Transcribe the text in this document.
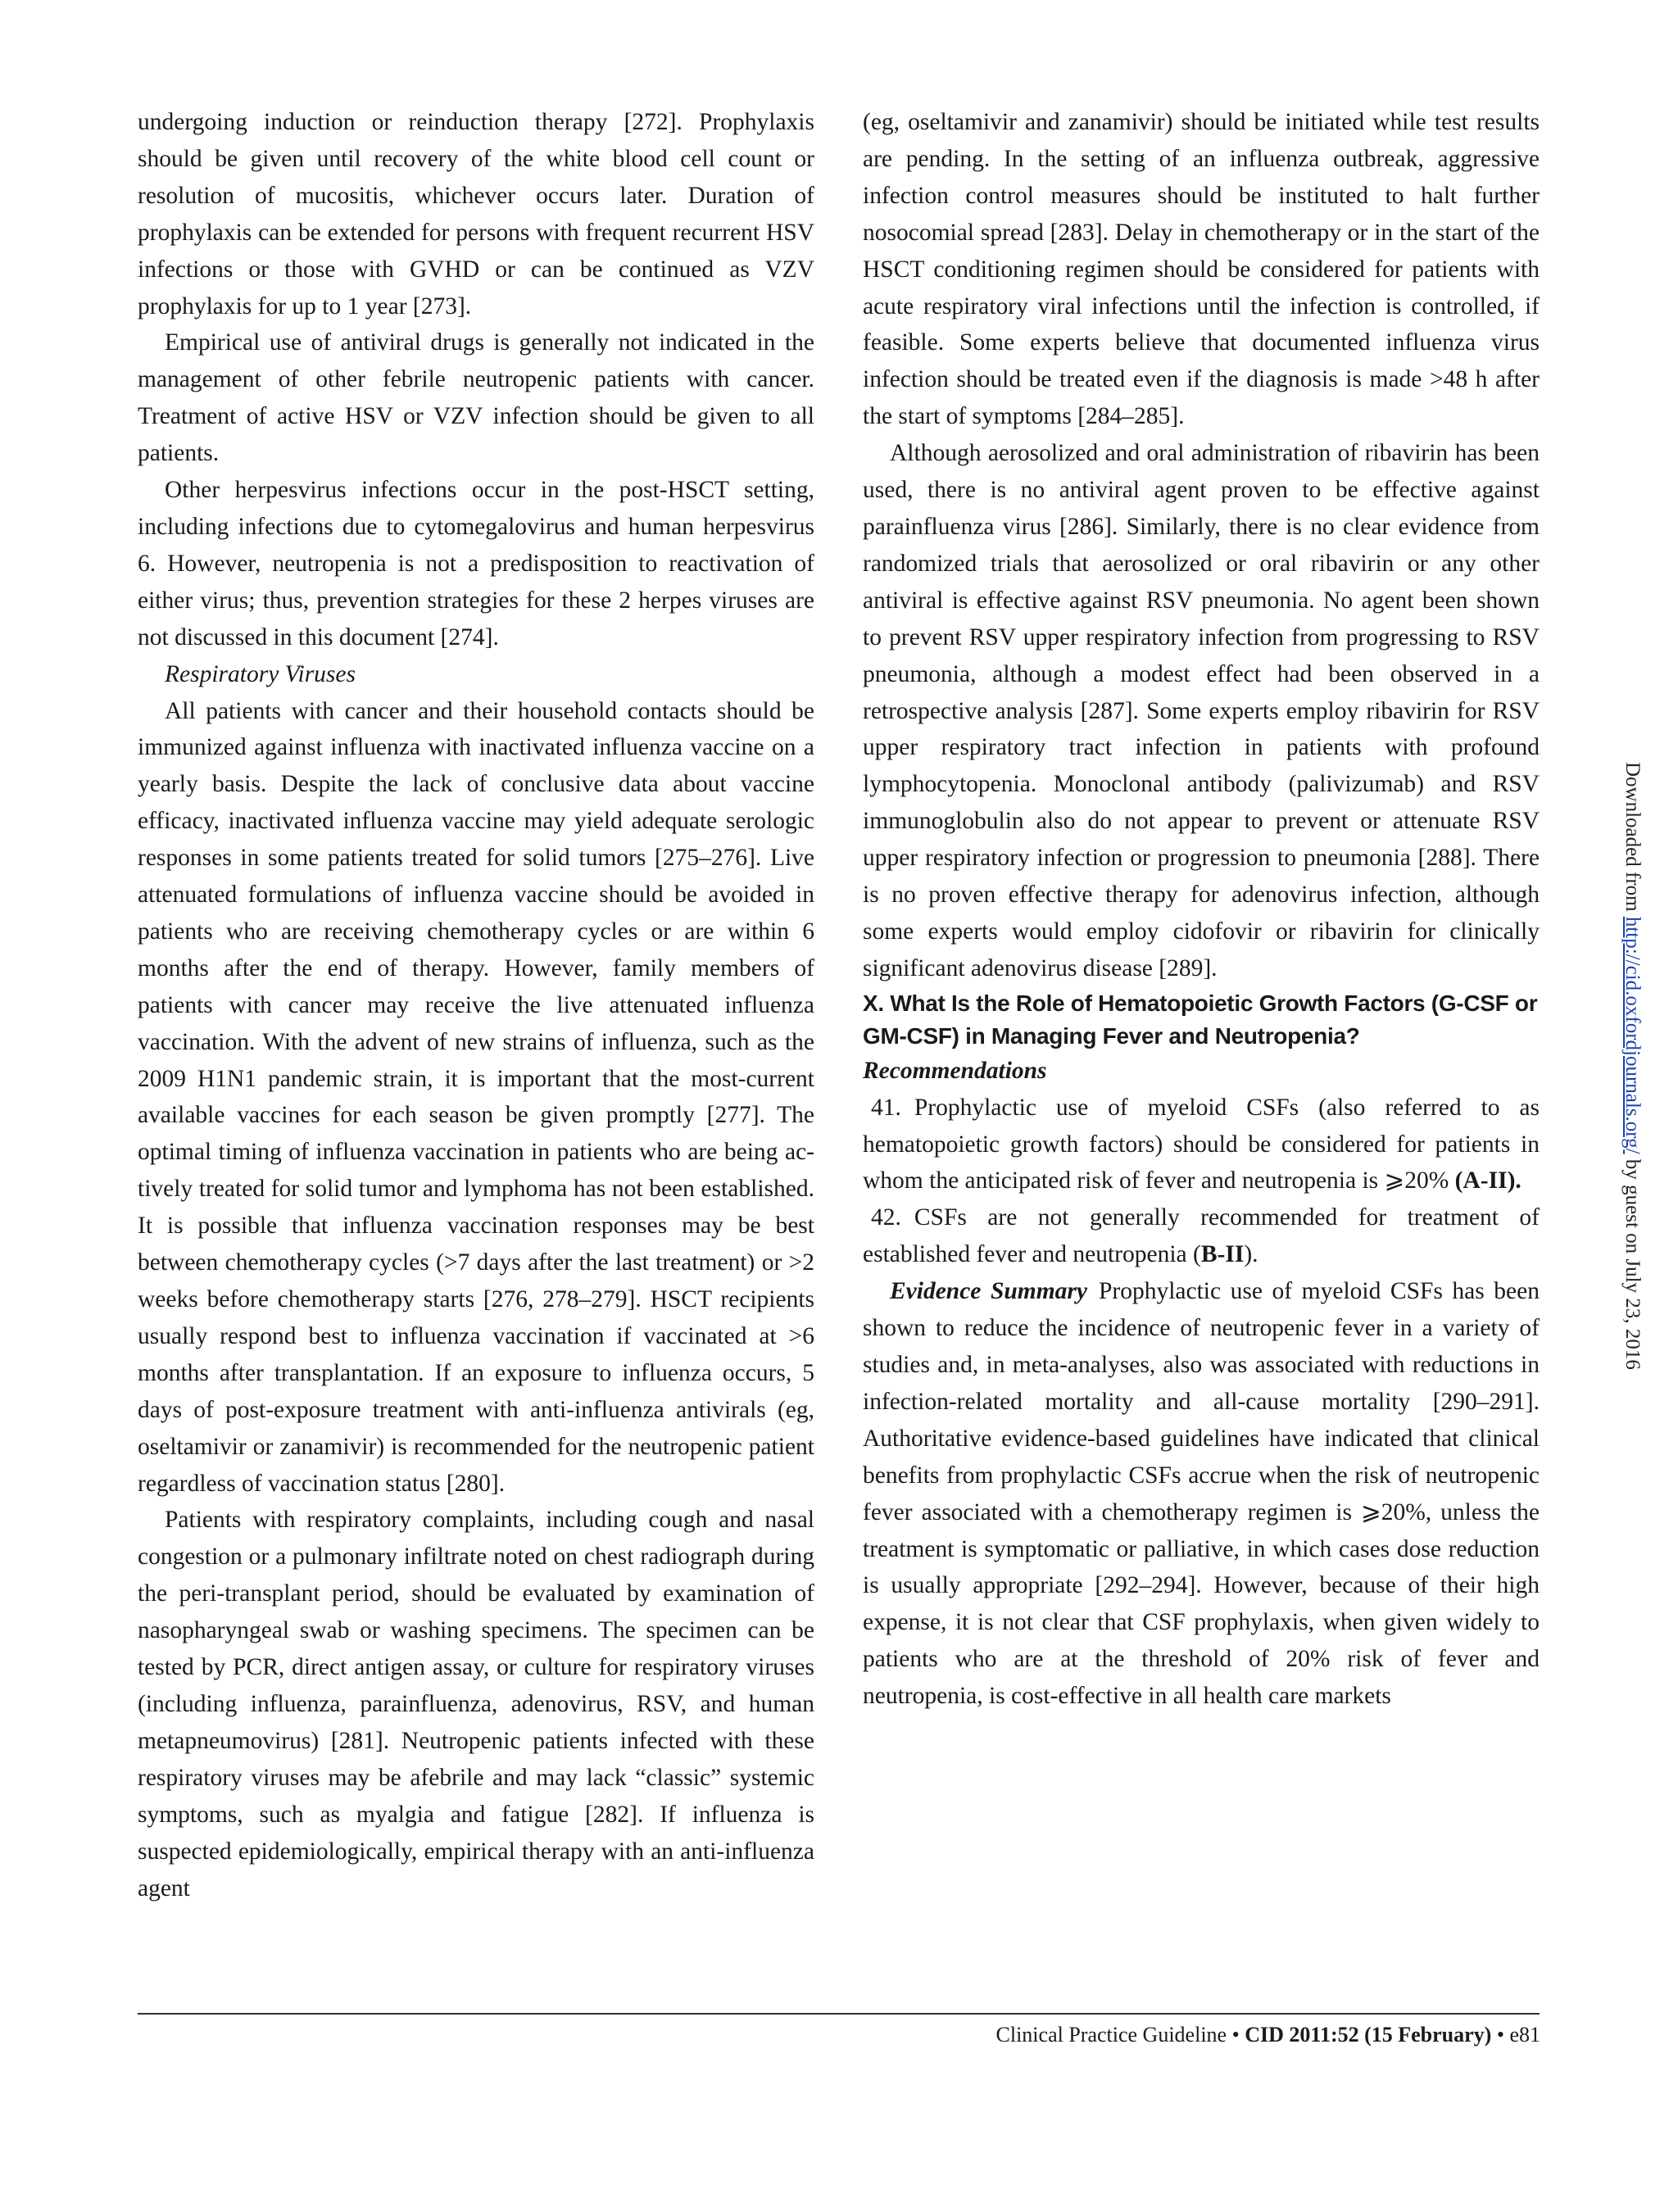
undergoing induction or reinduction therapy [272]. Prophylaxis should be given until recovery of the white blood cell count or resolution of mucositis, whichever occurs later. Duration of prophylaxis can be extended for persons with frequent recurrent HSV infections or those with GVHD or can be continued as VZV prophylaxis for up to 1 year [273].

Empirical use of antiviral drugs is generally not indicated in the management of other febrile neutropenic patients with cancer. Treatment of active HSV or VZV infection should be given to all patients.

Other herpesvirus infections occur in the post-HSCT setting, including infections due to cytomegalovirus and human herpesvirus 6. However, neutropenia is not a predisposition to reactivation of either virus; thus, prevention strategies for these 2 herpes viruses are not discussed in this document [274].

Respiratory Viruses

All patients with cancer and their household contacts should be immunized against influenza with inactivated influenza vaccine on a yearly basis. Despite the lack of conclusive data about vaccine efficacy, inactivated influenza vaccine may yield adequate serologic responses in some patients treated for solid tumors [275–276]. Live attenuated formulations of influenza vaccine should be avoided in patients who are receiving chemotherapy cycles or are within 6 months after the end of therapy. However, family members of patients with cancer may receive the live attenuated influenza vaccination. With the advent of new strains of influenza, such as the 2009 H1N1 pandemic strain, it is important that the most-current available vaccines for each season be given promptly [277]. The optimal timing of influenza vaccination in patients who are being actively treated for solid tumor and lymphoma has not been established. It is possible that influenza vaccination responses may be best between chemotherapy cycles (>7 days after the last treatment) or >2 weeks before chemotherapy starts [276, 278–279]. HSCT recipients usually respond best to influenza vaccination if vaccinated at >6 months after transplantation. If an exposure to influenza occurs, 5 days of post-exposure treatment with anti-influenza antivirals (eg, oseltamivir or zanamivir) is recommended for the neutropenic patient regardless of vaccination status [280].

Patients with respiratory complaints, including cough and nasal congestion or a pulmonary infiltrate noted on chest radiograph during the peri-transplant period, should be evaluated by examination of nasopharyngeal swab or washing specimens. The specimen can be tested by PCR, direct antigen assay, or culture for respiratory viruses (including influenza, parainfluenza, adenovirus, RSV, and human metapneumovirus) [281]. Neutropenic patients infected with these respiratory viruses may be afebrile and may lack “classic” systemic symptoms, such as myalgia and fatigue [282]. If influenza is suspected epidemiologically, empirical therapy with an anti-influenza agent

(eg, oseltamivir and zanamivir) should be initiated while test results are pending. In the setting of an influenza outbreak, aggressive infection control measures should be instituted to halt further nosocomial spread [283]. Delay in chemotherapy or in the start of the HSCT conditioning regimen should be considered for patients with acute respiratory viral infections until the infection is controlled, if feasible. Some experts believe that documented influenza virus infection should be treated even if the diagnosis is made >48 h after the start of symptoms [284–285].

Although aerosolized and oral administration of ribavirin has been used, there is no antiviral agent proven to be effective against parainfluenza virus [286]. Similarly, there is no clear evidence from randomized trials that aerosolized or oral ribavirin or any other antiviral is effective against RSV pneumonia. No agent been shown to prevent RSV upper respiratory infection from progressing to RSV pneumonia, although a modest effect had been observed in a retrospective analysis [287]. Some experts employ ribavirin for RSV upper respiratory tract infection in patients with profound lymphocytopenia. Monoclonal antibody (palivizumab) and RSV immunoglobulin also do not appear to prevent or attenuate RSV upper respiratory infection or progression to pneumonia [288]. There is no proven effective therapy for adenovirus infection, although some experts would employ cidofovir or ribavirin for clinically significant adenovirus disease [289].

X. What Is the Role of Hematopoietic Growth Factors (G-CSF or GM-CSF) in Managing Fever and Neutropenia?

Recommendations

41. Prophylactic use of myeloid CSFs (also referred to as hematopoietic growth factors) should be considered for patients in whom the anticipated risk of fever and neutropenia is ⩾20% (A-II).

42. CSFs are not generally recommended for treatment of established fever and neutropenia (B-II).

Evidence Summary Prophylactic use of myeloid CSFs has been shown to reduce the incidence of neutropenic fever in a variety of studies and, in meta-analyses, also was associated with reductions in infection-related mortality and all-cause mortality [290–291]. Authoritative evidence-based guidelines have indicated that clinical benefits from prophylactic CSFs accrue when the risk of neutropenic fever associated with a chemotherapy regimen is ⩾20%, unless the treatment is symptomatic or palliative, in which cases dose reduction is usually appropriate [292–294]. However, because of their high expense, it is not clear that CSF prophylaxis, when given widely to patients who are at the threshold of 20% risk of fever and neutropenia, is cost-effective in all health care markets

Clinical Practice Guideline • CID 2011:52 (15 February) • e81
Downloaded from http://cid.oxfordjournals.org/ by guest on July 23, 2016
